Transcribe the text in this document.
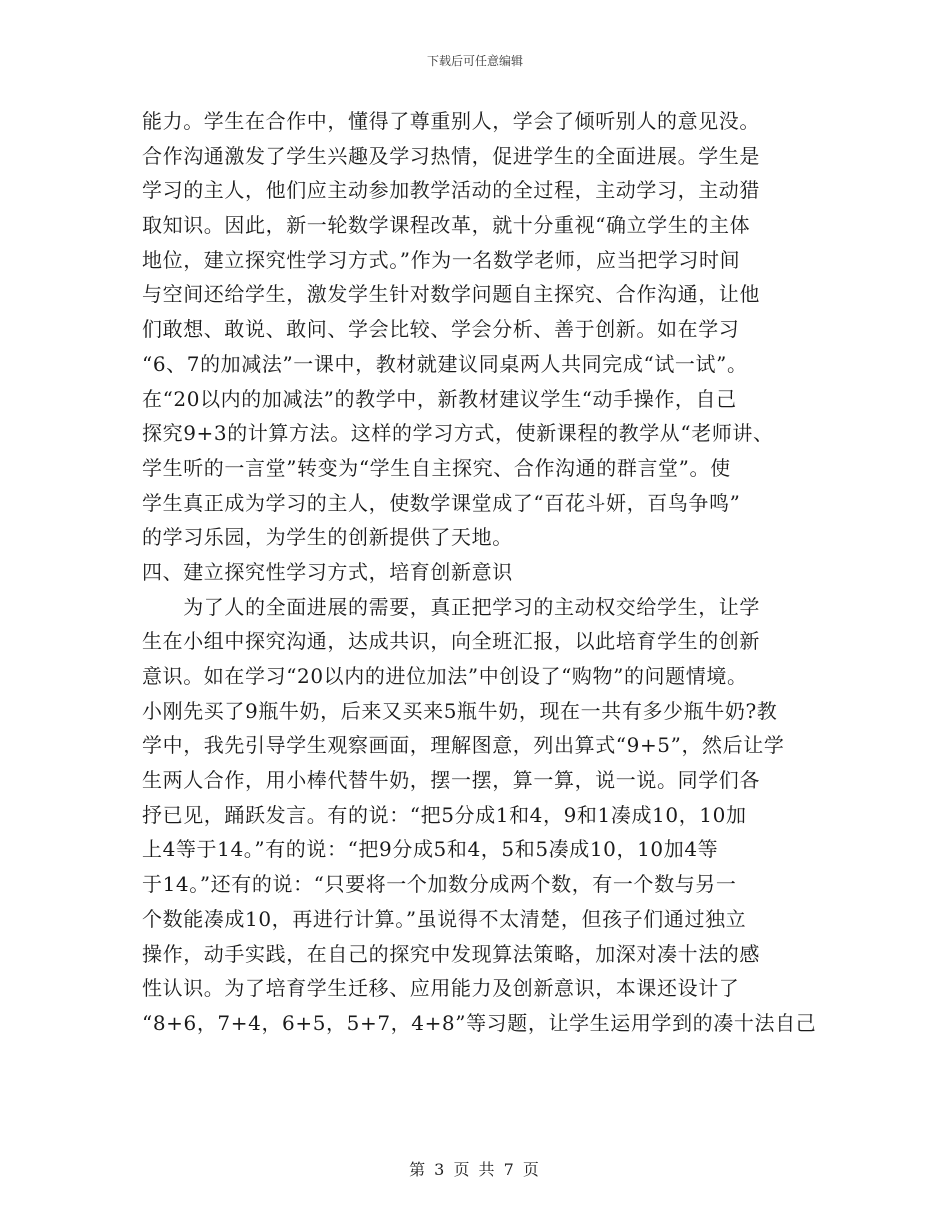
下载后可任意编辑
能力。学生在合作中，懂得了尊重别人，学会了倾听别人的意见没。
合作沟通激发了学生兴趣及学习热情，促进学生的全面进展。学生是
学习的主人，他们应主动参加教学活动的全过程，主动学习，主动猎
取知识。因此，新一轮数学课程改革，就十分重视“确立学生的主体
地位，建立探究性学习方式。”作为一名数学老师，应当把学习时间
与空间还给学生，激发学生针对数学问题自主探究、合作沟通，让他
们敢想、敢说、敢问、学会比较、学会分析、善于创新。如在学习
“6、7的加减法”一课中，教材就建议同桌两人共同完成“试一试”。
在“20以内的加减法”的教学中，新教材建议学生“动手操作，自己
探究9+3的计算方法。这样的学习方式，使新课程的教学从“老师讲、
学生听的一言堂”转变为“学生自主探究、合作沟通的群言堂”。使
学生真正成为学习的主人，使数学课堂成了“百花斗妍，百鸟争鸣”
的学习乐园，为学生的创新提供了天地。
四、建立探究性学习方式，培育创新意识
　　为了人的全面进展的需要，真正把学习的主动权交给学生，让学
生在小组中探究沟通，达成共识，向全班汇报，以此培育学生的创新
意识。如在学习“20以内的进位加法”中创设了“购物”的问题情境。
小刚先买了9瓶牛奶，后来又买来5瓶牛奶，现在一共有多少瓶牛奶?教
学中，我先引导学生观察画面，理解图意，列出算式“9+5”，然后让学
生两人合作，用小棒代替牛奶，摆一摆，算一算，说一说。同学们各
抒已见，踊跃发言。有的说：“把5分成1和4，9和1凑成10，10加
上4等于14。”有的说：“把9分成5和4，5和5凑成10，10加4等
于14。”还有的说：“只要将一个加数分成两个数，有一个数与另一
个数能凑成10，再进行计算。”虽说得不太清楚，但孩子们通过独立
操作，动手实践，在自己的探究中发现算法策略，加深对凑十法的感
性认识。为了培育学生迁移、应用能力及创新意识，本课还设计了
“8+6，7+4，6+5，5+7，4+8”等习题，让学生运用学到的凑十法自己
第 3 页 共 7 页
